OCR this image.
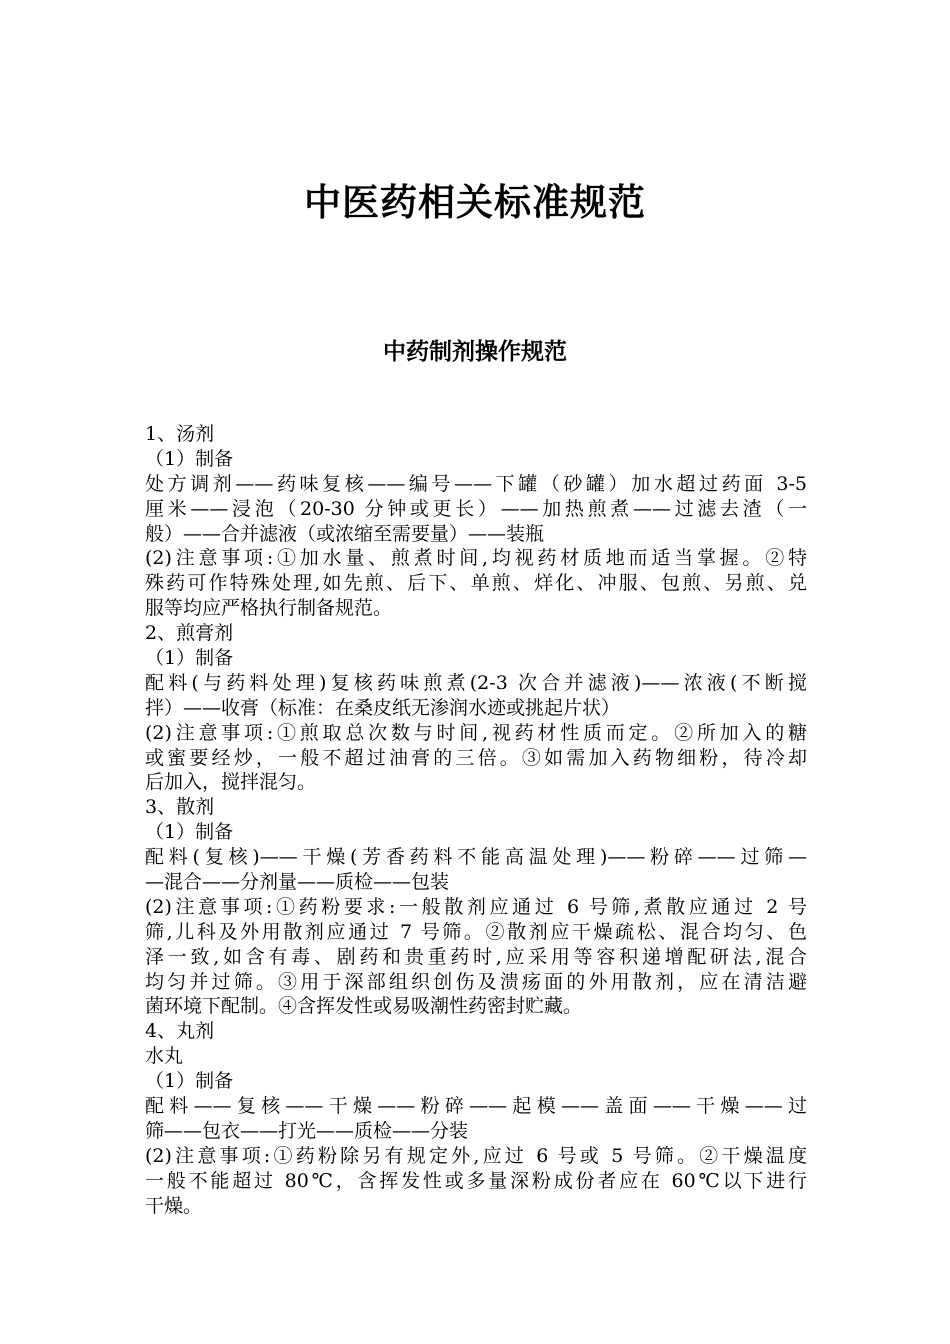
中医药相关标准规范
中药制剂操作规范
1、汤剂
（1）制备
处方调剂——药味复核——编号——下罐（砂罐）加水超过药面 3-5
厘米——浸泡（20-30 分钟或更长）——加热煎煮——过滤去渣（一
般）——合并滤液（或浓缩至需要量）——装瓶
(2)注意事项:①加水量、煎煮时间,均视药材质地而适当掌握。②特
殊药可作特殊处理,如先煎、后下、单煎、烊化、冲服、包煎、另煎、兑
服等均应严格执行制备规范。
2、煎膏剂
（1）制备
配料(与药料处理)复核药味煎煮(2-3 次合并滤液)——浓液(不断搅
拌）——收膏（标准：在桑皮纸无渗润水迹或挑起片状）
(2)注意事项:①煎取总次数与时间,视药材性质而定。②所加入的糖
或蜜要经炒，一般不超过油膏的三倍。③如需加入药物细粉，待冷却
后加入，搅拌混匀。
3、散剂
（1）制备
配料(复核)——干燥(芳香药料不能高温处理)——粉碎——过筛—
—混合——分剂量——质检——包装
(2)注意事项:①药粉要求:一般散剂应通过 6 号筛,煮散应通过 2 号
筛,儿科及外用散剂应通过 7 号筛。②散剂应干燥疏松、混合均匀、色
泽一致,如含有毒、剧药和贵重药时,应采用等容积递增配研法,混合
均匀并过筛。③用于深部组织创伤及溃疡面的外用散剂，应在清洁避
菌环境下配制。④含挥发性或易吸潮性药密封贮藏。
4、丸剂
水丸
（1）制备
配料——复核——干燥——粉碎——起模——盖面——干燥——过
筛——包衣——打光——质检——分装
(2)注意事项:①药粉除另有规定外,应过 6 号或 5 号筛。②干燥温度
一般不能超过 80℃，含挥发性或多量深粉成份者应在 60℃以下进行
干燥。
